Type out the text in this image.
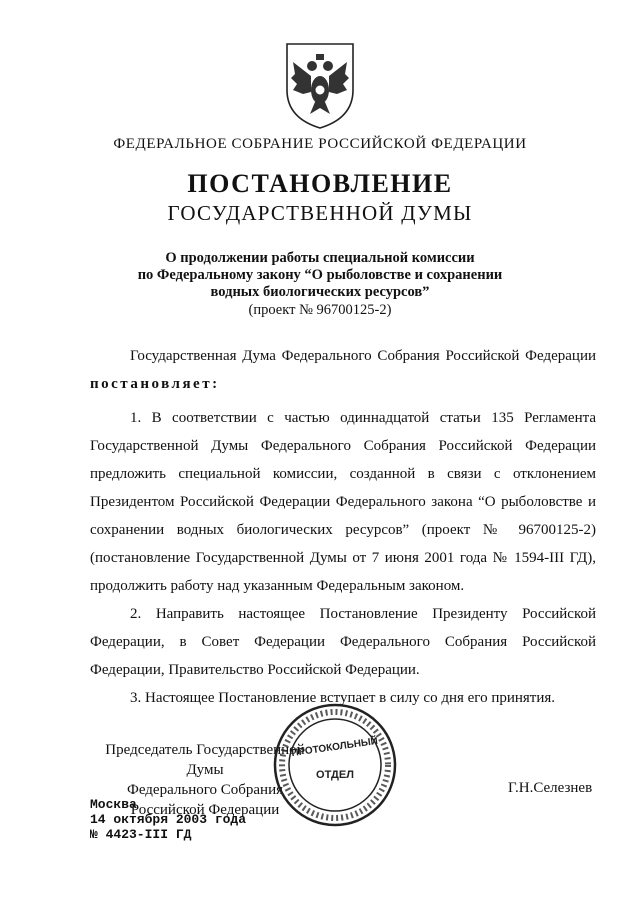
ФЕДЕРАЛЬНОЕ СОБРАНИЕ РОССИЙСКОЙ ФЕДЕРАЦИИ
ПОСТАНОВЛЕНИЕ
ГОСУДАРСТВЕННОЙ ДУМЫ
О продолжении работы специальной комиссии
по Федеральному закону “О рыболовстве и сохранении
водных биологических ресурсов”
(проект № 96700125-2)

Государственная Дума Федерального Собрания Российской Федерации постановляет:

1. В соответствии с частью одиннадцатой статьи 135 Регламента Государственной Думы Федерального Собрания Российской Федерации предложить специальной комиссии, созданной в связи с отклонением Президентом Российской Федерации Федерального закона “О рыболовстве и сохранении водных биологических ресурсов” (проект № 96700125-2) (постановление Государственной Думы от 7 июня 2001 года № 1594-III ГД), продолжить работу над указанным Федеральным законом.

2. Направить настоящее Постановление Президенту Российской Федерации, в Совет Федерации Федерального Собрания Российской Федерации, Правительство Российской Федерации.

3. Настоящее Постановление вступает в силу со дня его принятия.

Председатель Государственной Думы
Федерального Собрания
Российской Федерации
Г.Н.Селезнев
ПРОТОКОЛЬНЫЙ
ОТДЕЛ
Москва
14 октября 2003 года
№ 4423-III ГД
